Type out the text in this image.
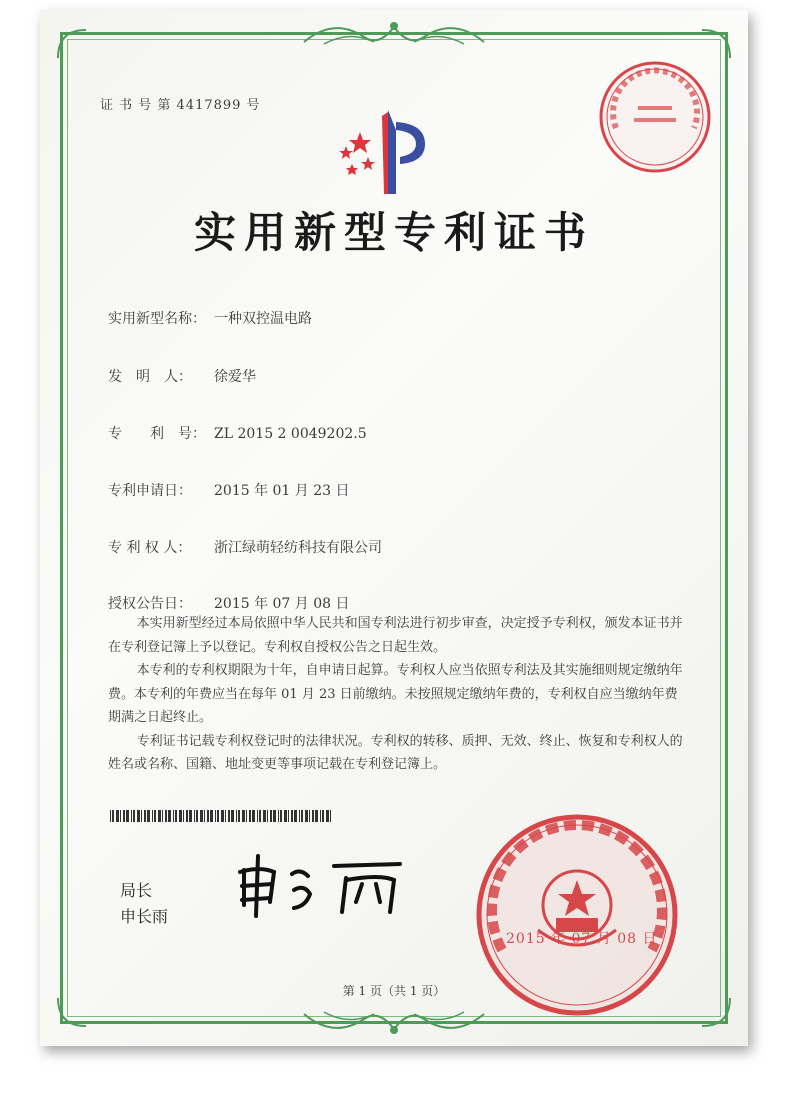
证 书 号 第 4417899 号
实用新型专利证书
实用新型名称： 一种双控温电路
发　明　人： 徐爱华
专　　利　号： ZL 2015 2 0049202.5
专利申请日： 2015 年 01 月 23 日
专 利 权 人： 浙江绿萌轻纺科技有限公司
授权公告日： 2015 年 07 月 08 日

本实用新型经过本局依照中华人民共和国专利法进行初步审查，决定授予专利权，颁发本证书并在专利登记簿上予以登记。专利权自授权公告之日起生效。

本专利的专利权期限为十年，自申请日起算。专利权人应当依照专利法及其实施细则规定缴纳年费。本专利的年费应当在每年 01 月 23 日前缴纳。未按照规定缴纳年费的，专利权自应当缴纳年费期满之日起终止。

专利证书记载专利权登记时的法律状况。专利权的转移、质押、无效、终止、恢复和专利权人的姓名或名称、国籍、地址变更等事项记载在专利登记簿上。

局长
申长雨
2015 年 07 月 08 日
第 1 页（共 1 页）
